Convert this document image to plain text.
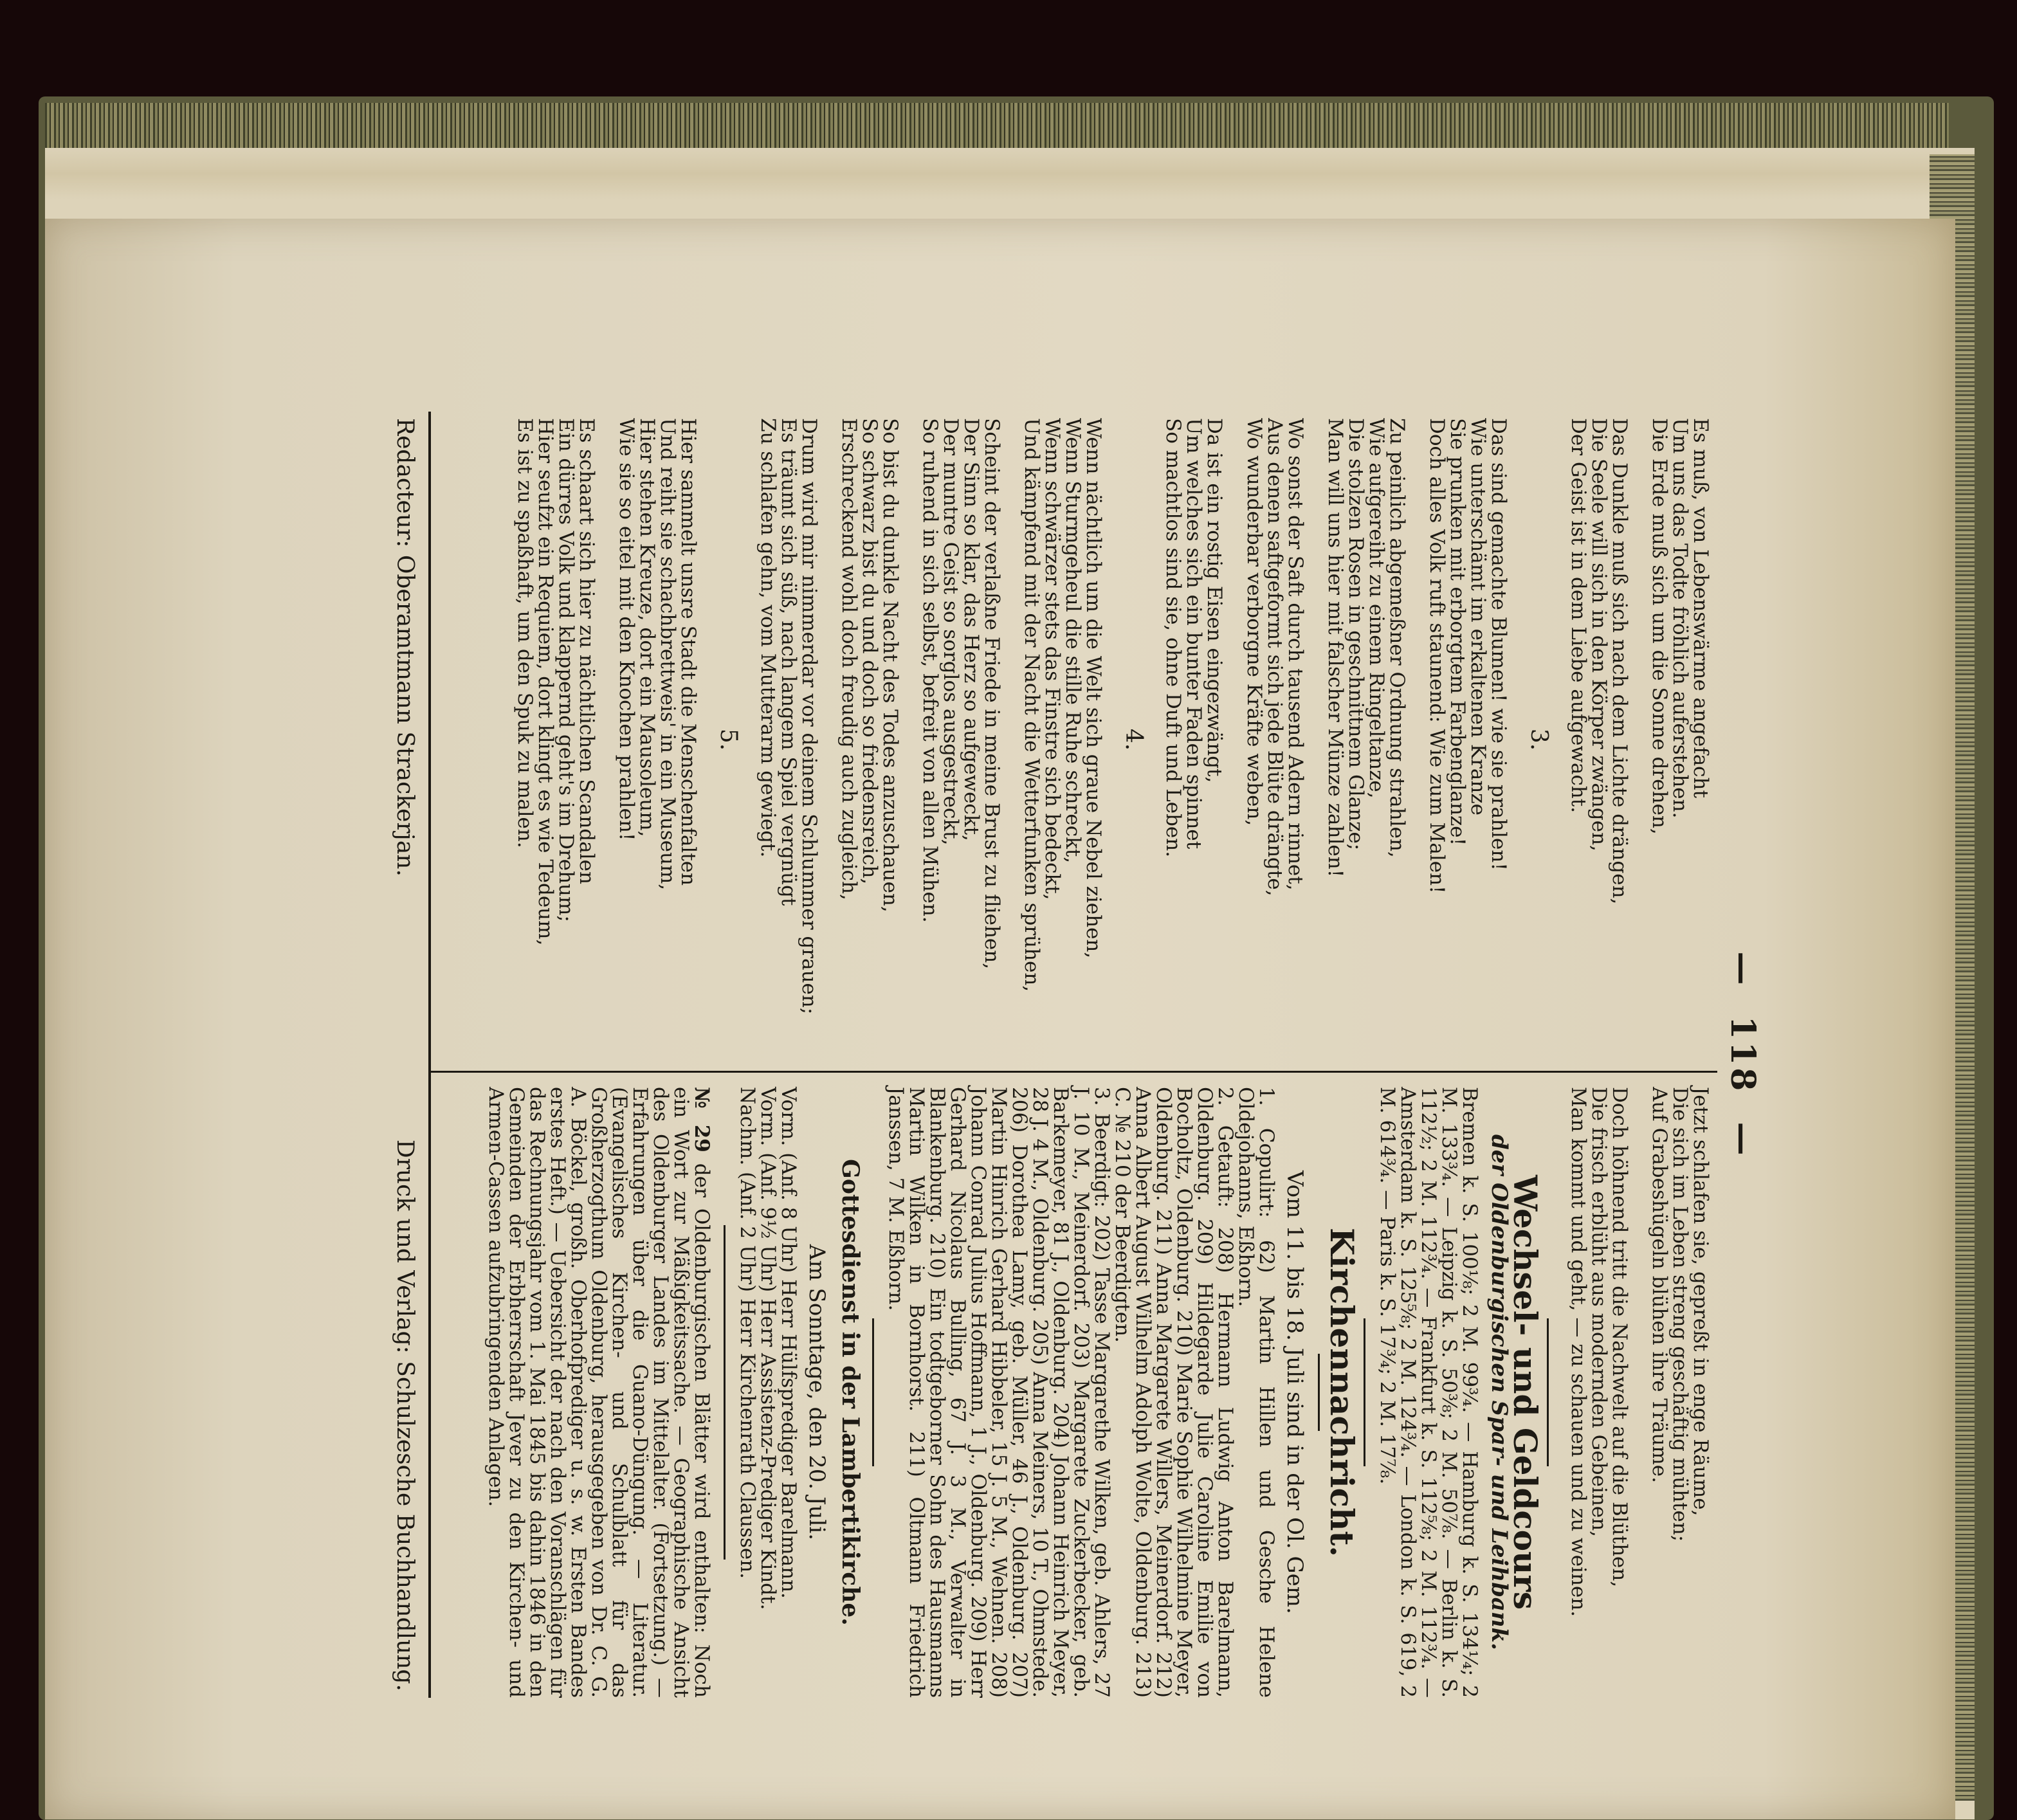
—  118  —

Es muß, von Lebenswärme angefacht

Um uns das Todte fröhlich auferstehen.

Die Erde muß sich um die Sonne drehen,

Das Dunkle muß sich nach dem Lichte drängen,

Die Seele will sich in den Körper zwängen,

Der Geist ist in dem Liebe aufgewacht.

3.

Das sind gemachte Blumen! wie sie prahlen!

Wie unterschämt im erkaltenen Kranze

Sie prunken mit erborgtem Farbenglanze!

Doch alles Volk ruft staunend: Wie zum Malen!

Zu peinlich abgemeßner Ordnung strahlen,

Wie aufgereiht zu einem Ringeltanze,

Die stolzen Rosen in geschnittnem Glanze;

Man will uns hier mit falscher Münze zahlen!

Wo sonst der Saft durch tausend Adern rinnet,

Aus denen saftgeformt sich jede Blüte drängte,

Wo wunderbar verborgne Kräfte weben,

Da ist ein rostig Eisen eingezwängt,

Um welches sich ein bunter Faden spinnet

So machtlos sind sie, ohne Duft und Leben.

4.

Wenn nächtlich um die Welt sich graue Nebel ziehen,

Wenn Sturmgeheul die stille Ruhe schreckt,

Wenn schwärzer stets das Finstre sich bedeckt,

Und kämpfend mit der Nacht die Wetterfunken sprühen,

Scheint der verlaßne Friede in meine Brust zu fliehen,

Der Sinn so klar, das Herz so aufgeweckt,

Der muntre Geist so sorglos ausgestreckt,

So ruhend in sich selbst, befreit von allen Mühen.

So bist du dunkle Nacht des Todes anzuschauen,

So schwarz bist du und doch so friedensreich,

Erschreckend wohl doch freudig auch zugleich,

Drum wird mir nimmerdar vor deinem Schlummer grauen;

Es träumt sich süß, nach langem Spiel vergnügt

Zu schlafen gehn, vom Mutterarm gewiegt.

5.

Hier sammelt unsre Stadt die Menschenfalten

Und reiht sie schachbrettweis' in ein Museum,

Hier stehen Kreuze, dort ein Mausoleum,

Wie sie so eitel mit den Knochen prahlen!

Es schaart sich hier zu nächtlichen Scandalen

Ein dürres Volk und klappernd geht's im Drehum;

Hier seufzt ein Requiem, dort klingt es wie Tedeum,

Es ist zu spaßhaft, um den Spuk zu malen.

Jetzt schlafen sie, gepreßt in enge Räume,

Die sich im Leben streng geschäftig mühten;

Auf Grabeshügeln blühen ihre Träume.

Doch höhnend tritt die Nachwelt auf die Blüthen,

Die frisch erblüht aus modernden Gebeinen,

Man kommt und geht, — zu schauen und zu weinen.

Wechsel- und Geldcours
der Oldenburgischen Spar- und Leihbank.

Bremen k. S. 100⅛; 2 M. 99¾. — Hamburg k. S. 134¼; 2 M. 133¾. — Leipzig k. S. 50⅜; 2 M. 50⅞. — Berlin k. S. 112½; 2 M. 112¾. — Frankfurt k. S. 112⅝; 2 M. 112¾. — Amsterdam k. S. 125⅝; 2 M. 124¾. — London k. S. 619, 2 M. 614¾. — Paris k. S. 17¾; 2 M. 17⅞.

Kirchennachricht.
Vom 11. bis 18. Juli sind in der Ol. Gem.

1. Copulirt: 62) Martin Hillen und Gesche Helene Oldejohanns, Eßhorn.

2. Getauft: 208) Hermann Ludwig Anton Barelmann, Oldenburg. 209) Hildegarde Julie Caroline Emilie von Bocholtz, Oldenburg. 210) Marie Sophie Wilhelmine Meyer, Oldenburg. 211) Anna Margarete Willers, Meinerdorf. 212) Anna Albert August Wilhelm Adolph Wolte, Oldenburg. 213) C. № 210 der Beerdigten.

3. Beerdigt: 202) Tasse Margarethe Wilken, geb. Ahlers, 27 J. 10 M., Meinerdorf. 203) Margarete Zuckerbecker, geb. Barkemeyer, 81 J., Oldenburg. 204) Johann Heinrich Meyer, 28 J. 4 M., Oldenburg. 205) Anna Meiners, 10 T., Ohmstede. 206) Dorothea Lamy, geb. Müller, 46 J., Oldenburg. 207) Martin Hinrich Gerhard Hibbeler, 15 J. 5 M., Wehnen. 208) Johann Conrad Julius Hoffmann, 1 J., Oldenburg. 209) Herr Gerhard Nicolaus Bulling, 67 J. 3 M., Verwalter in Blankenburg. 210) Ein todtgeborner Sohn des Hausmanns Martin Wilken in Bornhorst. 211) Oltmann Friedrich Janssen, 7 M. Eßhorn.

Gottesdienst in der Lambertikirche.
Am Sonntage, den 20. Juli.

Vorm. (Anf. 8 Uhr) Herr Hülfsprediger Barelmann.

Vorm. (Anf. 9½ Uhr) Herr Assistenz-Prediger Kindt.

Nachm. (Anf. 2 Uhr) Herr Kirchenrath Claussen.

№ 29 der Oldenburgischen Blätter wird enthalten: Noch ein Wort zur Mäßigkeitssache. — Geographische Ansicht des Oldenburger Landes im Mittelalter. (Fortsetzung.) — Erfahrungen über die Guano-Düngung. — Literatur. (Evangelisches Kirchen- und Schulblatt für das Großherzogthum Oldenburg, herausgegeben von Dr. C. G. A. Böckel, großh. Oberhofprediger u. s. w. Ersten Bandes erstes Heft.) — Uebersicht der nach den Voranschlägen für das Rechnungsjahr vom 1. Mai 1845 bis dahin 1846 in den Gemeinden der Erbherrschaft Jever zu den Kirchen- und Armen-Cassen aufzubringenden Anlagen.

Redacteur: Oberamtmann Strackerjan.
Druck und Verlag: Schulzesche Buchhandlung.
